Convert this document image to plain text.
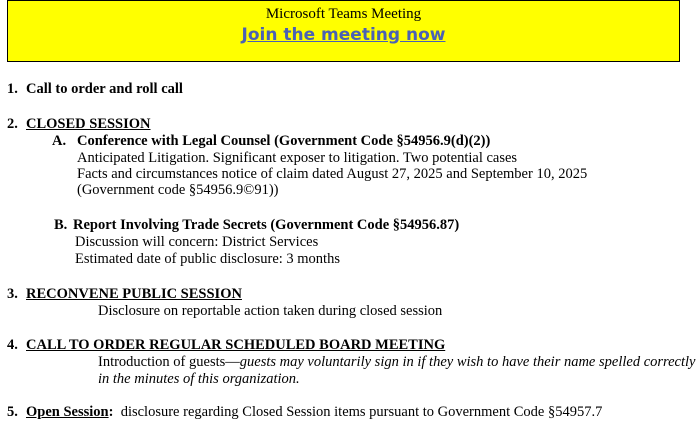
Microsoft Teams Meeting
Join the meeting now
1. Call to order and roll call
2. CLOSED SESSION
A. Conference with Legal Counsel (Government Code §54956.9(d)(2))
Anticipated Litigation. Significant exposer to litigation. Two potential cases
Facts and circumstances notice of claim dated August 27, 2025 and September 10, 2025
(Government code §54956.9©91))
B. Report Involving Trade Secrets (Government Code §54956.87)
Discussion will concern: District Services
Estimated date of public disclosure: 3 months
3. RECONVENE PUBLIC SESSION
Disclosure on reportable action taken during closed session
4. CALL TO ORDER REGULAR SCHEDULED BOARD MEETING
Introduction of guests—guests may voluntarily sign in if they wish to have their name spelled correctly
in the minutes of this organization.
5. Open Session:  disclosure regarding Closed Session items pursuant to Government Code §54957.7
